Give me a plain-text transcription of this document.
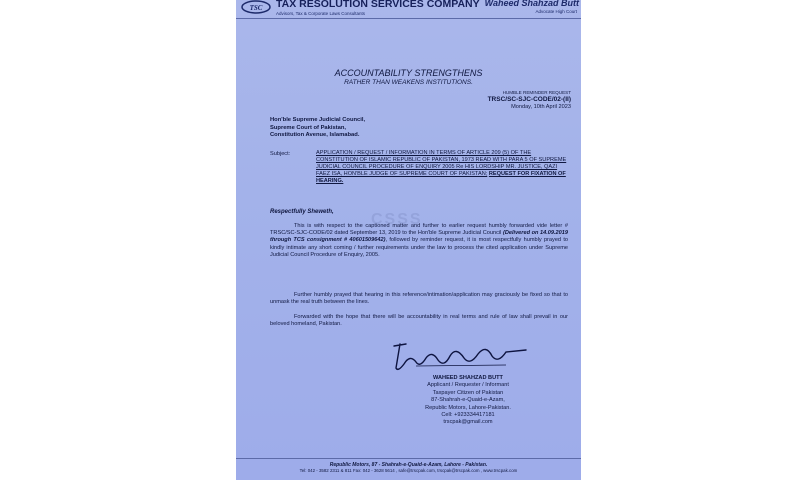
TSC TAX RESOLUTION SERVICES COMPANY
Advisors, Tax & Corporate Laws Consultants
Waheed Shahzad Butt
Advocate High Court
ACCOUNTABILITY STRENGTHENS
RATHER THAN WEAKENS INSTITUTIONS.
HUMBLE REMINDER REQUEST
TRSC/SC-SJC-CODE/02-(II)
Monday, 10th April 2023
Hon'ble Supreme Judicial Council,
Supreme Court of Pakistan,
Constitution Avenue, Islamabad.
Subject:	APPLICATION / REQUEST / INFORMATION IN TERMS OF ARTICLE 209 (5) OF THE CONSTITUTION OF ISLAMIC REPUBLIC OF PAKISTAN, 1973 READ WITH PARA 5 OF SUPREME JUDICIAL COUNCIL PROCEDURE OF ENQUIRY 2005 Re HIS LORDSHIP MR. JUSTICE, QAZI FAEZ ISA, HON'BLE JUDGE OF SUPREME COURT OF PAKISTAN; REQUEST FOR FIXATION OF HEARING.
CSSS
Respectfully Sheweth,
This is with respect to the captioned matter and further to earlier request humbly forwarded vide letter # TRSC/SC-SJC-CODE/02 dated September 13, 2019 to the Hon'ble Supreme Judicial Council (Delivered on 14.09.2019 through TCS consignment # 40601509642), followed by reminder request, it is most respectfully humbly prayed to kindly intimate any short coming / further requirements under the law to process the cited application under Supreme Judicial Council Procedure of Enquiry, 2005.
Further humbly prayed that hearing in this reference/intimation/application may graciously be fixed so that to unmask the real truth between the lines.
Forwarded with the hope that there will be accountability in real terms and rule of law shall prevail in our beloved homeland, Pakistan.
WAHEED SHAHZAD BUTT
Applicant / Requester / Informant
Taxpayer Citizen of Pakistan
87-Shahrah-e-Quaid-e-Azam,
Republic Motors, Lahore-Pakistan.
Cell: +923334417181
trscpak@gmail.com
Republic Motors, 87 - Shahrah-e-Quaid-e-Azam, Lahore - Pakistan.
Tel: 042 - 3582 2311 & 811 Fax: 042 - 3628 5614 , safe@trscpak.com, trscpak@trscpak.com , www.trscpak.com
